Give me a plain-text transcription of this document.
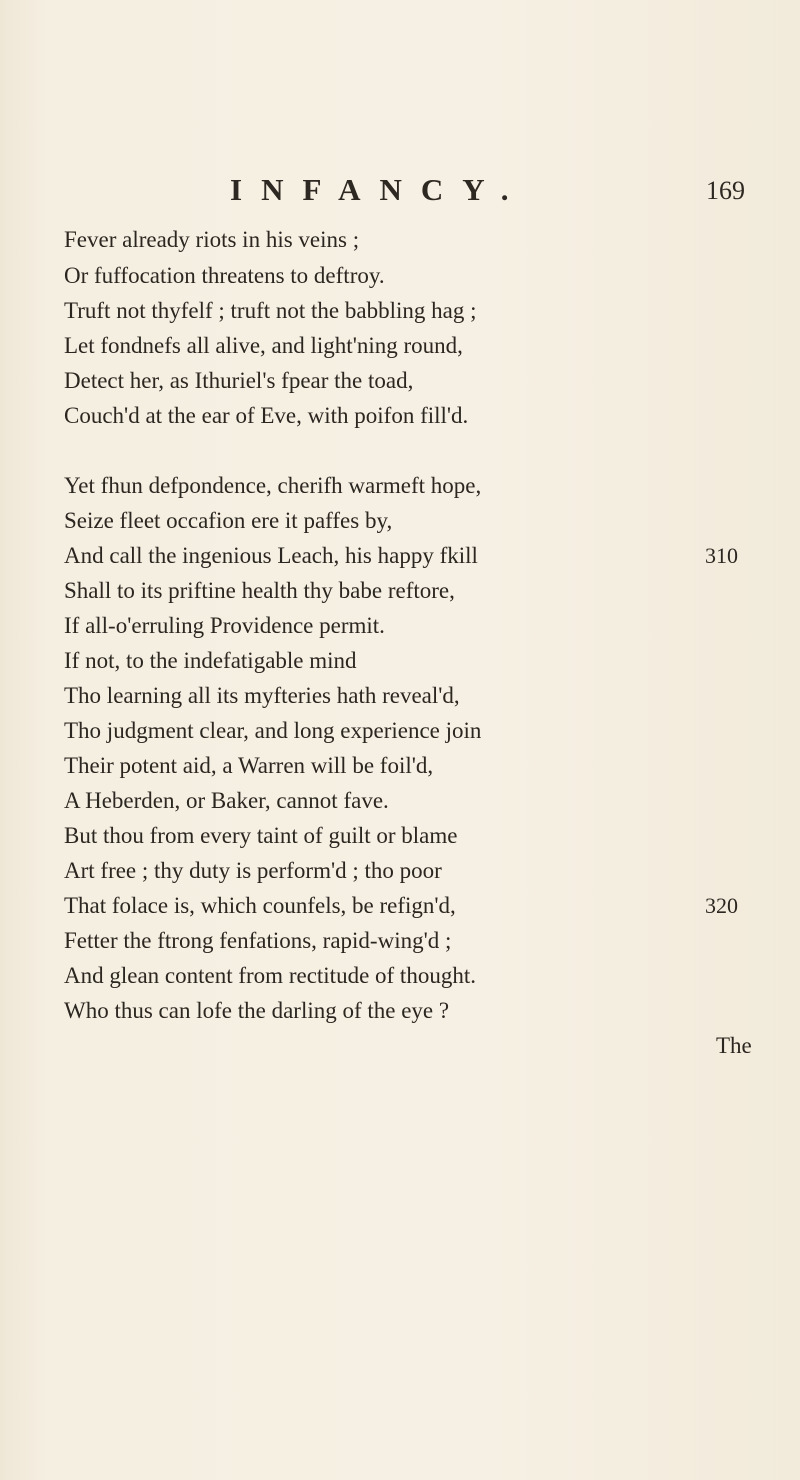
INFANCY.	169
Fever already riots in his veins ;
Or fuffocation threatens to deftroy.
Truft not thyfelf ; truft not the babbling hag ;
Let fondnefs all alive, and light'ning round,
Detect her, as Ithuriel's fpear the toad,
Couch'd at the ear of Eve, with poifon fill'd.
Yet fhun defpondence, cherifh warmeft hope,
Seize fleet occafion ere it paffes by,
And call the ingenious Leach, his happy fkill
Shall to its priftine health thy babe reftore,
If all-o'erruling Providence permit.
If not, to the indefatigable mind
Tho learning all its myfteries hath reveal'd,
Tho judgment clear, and long experience join
Their potent aid, a Warren will be foil'd,
A Heberden, or Baker, cannot fave.
But thou from every taint of guilt or blame
Art free ; thy duty is perform'd ; tho poor
That folace is, which counfels, be refign'd,
Fetter the ftrong fenfations, rapid-wing'd ;
And glean content from rectitude of thought.
Who thus can lofe the darling of the eye ?
310
320
The
